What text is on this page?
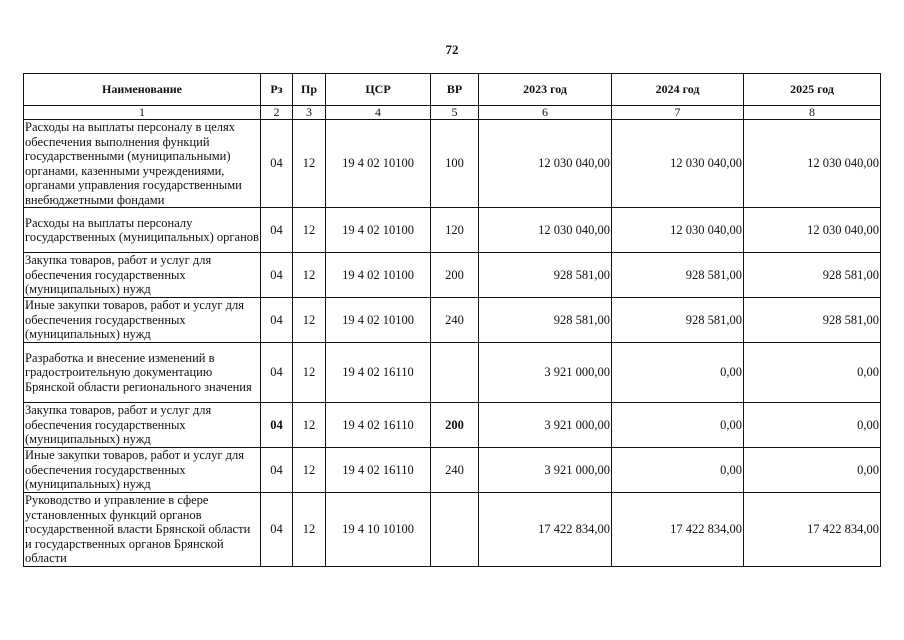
72
Наименование	Рз	Пр	ЦСР	ВР	2023 год	2024 год	2025 год
1	2	3	4	5	6	7	8
Расходы на выплаты персоналу в целях обеспечения выполнения функций государственными (муниципальными) органами, казенными учреждениями, органами управления государственными внебюджетными фондами	04	12	19 4 02 10100	100	12 030 040,00	12 030 040,00	12 030 040,00
Расходы на выплаты персоналу государственных (муниципальных) органов	04	12	19 4 02 10100	120	12 030 040,00	12 030 040,00	12 030 040,00
Закупка товаров, работ и услуг для обеспечения государственных (муниципальных) нужд	04	12	19 4 02 10100	200	928 581,00	928 581,00	928 581,00
Иные закупки товаров, работ и услуг для обеспечения государственных (муниципальных) нужд	04	12	19 4 02 10100	240	928 581,00	928 581,00	928 581,00
Разработка и внесение изменений в градостроительную документацию Брянской области регионального значения	04	12	19 4 02 16110		3 921 000,00	0,00	0,00
Закупка товаров, работ и услуг для обеспечения государственных (муниципальных) нужд	04	12	19 4 02 16110	200	3 921 000,00	0,00	0,00
Иные закупки товаров, работ и услуг для обеспечения государственных (муниципальных) нужд	04	12	19 4 02 16110	240	3 921 000,00	0,00	0,00
Руководство и управление в сфере установленных функций органов государственной власти Брянской области и государственных органов Брянской области	04	12	19 4 10 10100		17 422 834,00	17 422 834,00	17 422 834,00
